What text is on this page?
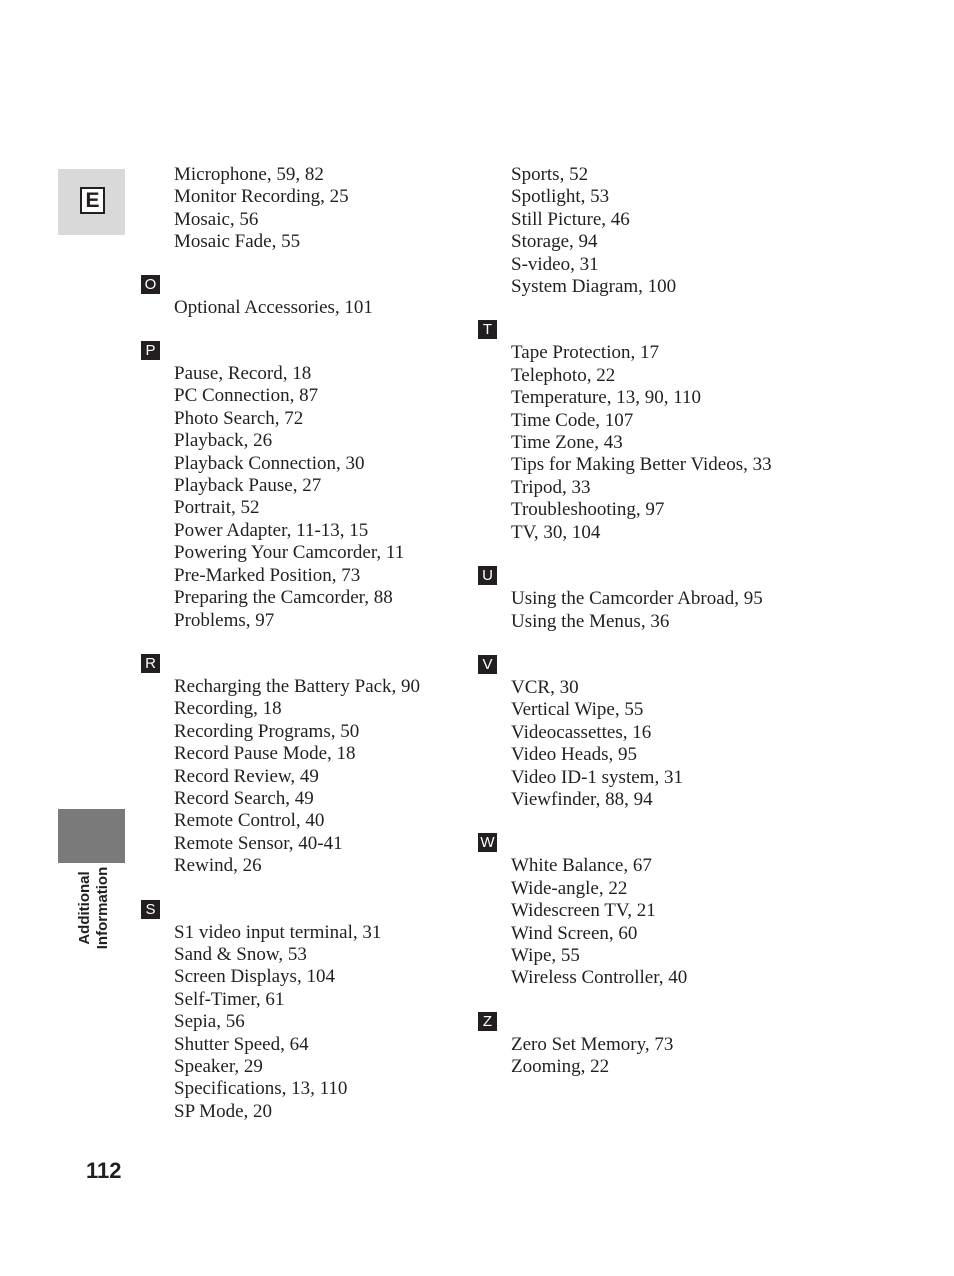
E
Additional Information
112
Microphone, 59, 82
Monitor Recording, 25
Mosaic, 56
Mosaic Fade, 55
O
Optional Accessories, 101
P
Pause, Record, 18
PC Connection, 87
Photo Search, 72
Playback, 26
Playback Connection, 30
Playback Pause, 27
Portrait, 52
Power Adapter, 11-13, 15
Powering Your Camcorder, 11
Pre-Marked Position, 73
Preparing the Camcorder, 88
Problems, 97
R
Recharging the Battery Pack, 90
Recording, 18
Recording Programs, 50
Record Pause Mode, 18
Record Review, 49
Record Search, 49
Remote Control, 40
Remote Sensor, 40-41
Rewind, 26
S
S1 video input terminal, 31
Sand & Snow, 53
Screen Displays, 104
Self-Timer, 61
Sepia, 56
Shutter Speed, 64
Speaker, 29
Specifications, 13, 110
SP Mode, 20
Sports, 52
Spotlight, 53
Still Picture, 46
Storage, 94
S-video, 31
System Diagram, 100
T
Tape Protection, 17
Telephoto, 22
Temperature, 13, 90, 110
Time Code, 107
Time Zone, 43
Tips for Making Better Videos, 33
Tripod, 33
Troubleshooting, 97
TV, 30, 104
U
Using the Camcorder Abroad, 95
Using the Menus, 36
V
VCR, 30
Vertical Wipe, 55
Videocassettes, 16
Video Heads, 95
Video ID-1 system, 31
Viewfinder, 88, 94
W
White Balance, 67
Wide-angle, 22
Widescreen TV, 21
Wind Screen, 60
Wipe, 55
Wireless Controller, 40
Z
Zero Set Memory, 73
Zooming, 22
